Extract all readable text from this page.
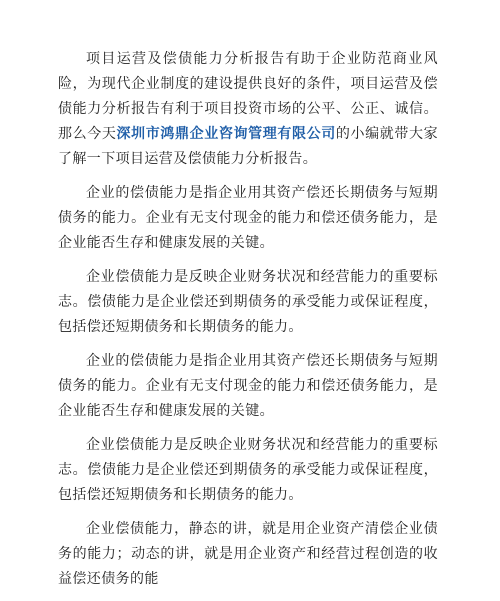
项目运营及偿债能力分析报告有助于企业防范商业风险，为现代企业制度的建设提供良好的条件，项目运营及偿债能力分析报告有利于项目投资市场的公平、公正、诚信。那么今天深圳市鸿鼎企业咨询管理有限公司的小编就带大家了解一下项目运营及偿债能力分析报告。

企业的偿债能力是指企业用其资产偿还长期债务与短期债务的能力。企业有无支付现金的能力和偿还债务能力，是企业能否生存和健康发展的关键。

企业偿债能力是反映企业财务状况和经营能力的重要标志。偿债能力是企业偿还到期债务的承受能力或保证程度，包括偿还短期债务和长期债务的能力。

企业的偿债能力是指企业用其资产偿还长期债务与短期债务的能力。企业有无支付现金的能力和偿还债务能力，是企业能否生存和健康发展的关键。

企业偿债能力是反映企业财务状况和经营能力的重要标志。偿债能力是企业偿还到期债务的承受能力或保证程度，包括偿还短期债务和长期债务的能力。

企业偿债能力，静态的讲，就是用企业资产清偿企业债务的能力；动态的讲，就是用企业资产和经营过程创造的收益偿还债务的能
